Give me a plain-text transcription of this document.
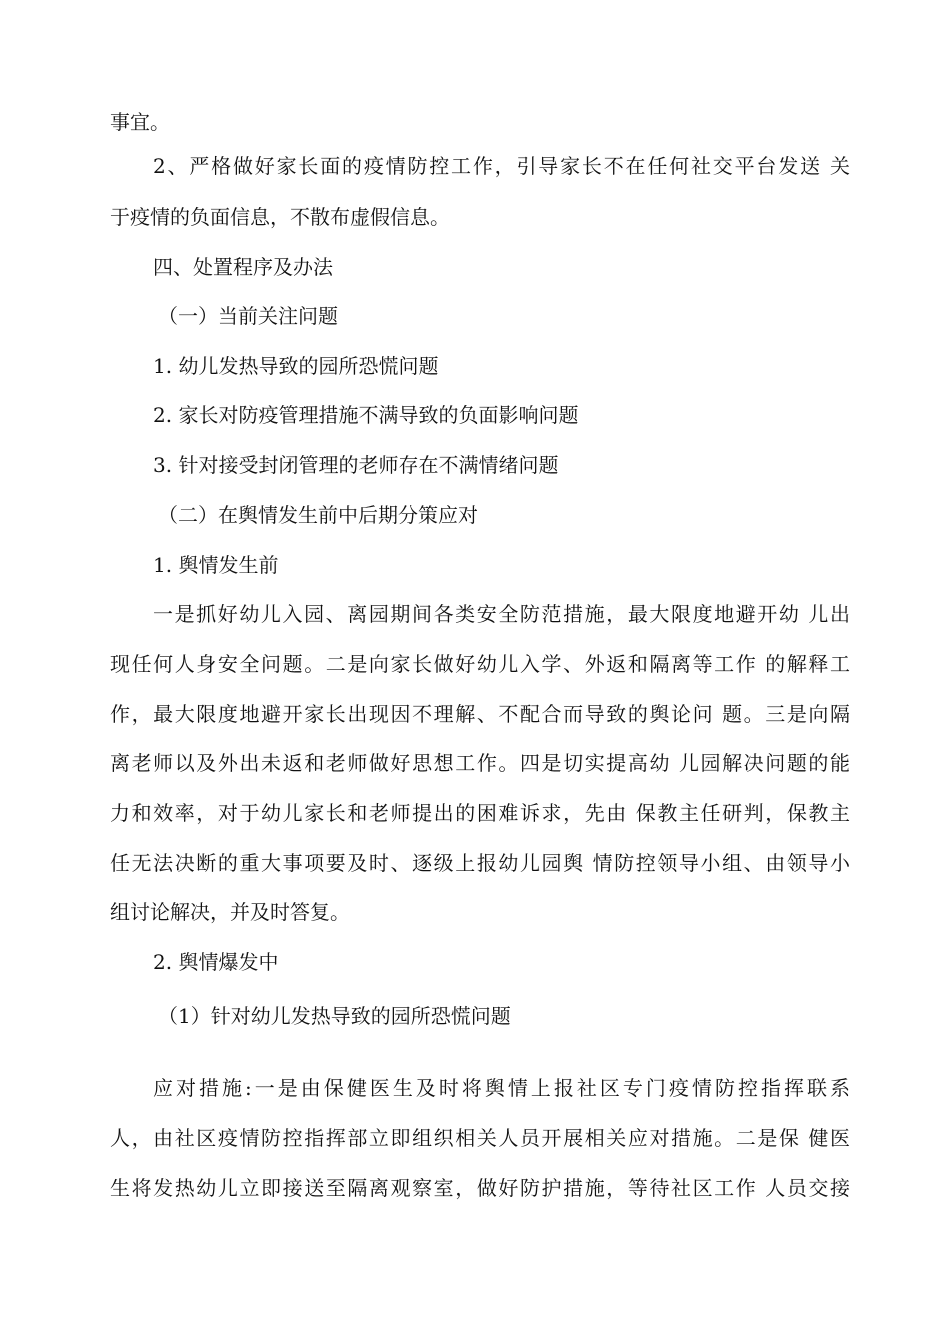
事宜。
2、严格做好家长面的疫情防控工作，引导家长不在任何社交平台发送 关
于疫情的负面信息，不散布虚假信息。
四、处置程序及办法
（一）当前关注问题
1. 幼儿发热导致的园所恐慌问题
2. 家长对防疫管理措施不满导致的负面影响问题
3. 针对接受封闭管理的老师存在不满情绪问题
（二）在舆情发生前中后期分策应对
1. 舆情发生前
一是抓好幼儿入园、离园期间各类安全防范措施，最大限度地避开幼 儿出
现任何人身安全问题。二是向家长做好幼儿入学、外返和隔离等工作 的解释工
作，最大限度地避开家长出现因不理解、不配合而导致的舆论问 题。三是向隔
离老师以及外出未返和老师做好思想工作。四是切实提高幼 儿园解决问题的能
力和效率，对于幼儿家长和老师提出的困难诉求，先由 保教主任研判，保教主
任无法决断的重大事项要及时、逐级上报幼儿园舆 情防控领导小组、由领导小
组讨论解决，并及时答复。
2. 舆情爆发中
（1）针对幼儿发热导致的园所恐慌问题
应对措施:一是由保健医生及时将舆情上报社区专门疫情防控指挥联系
人，由社区疫情防控指挥部立即组织相关人员开展相关应对措施。二是保 健医
生将发热幼儿立即接送至隔离观察室，做好防护措施，等待社区工作 人员交接
